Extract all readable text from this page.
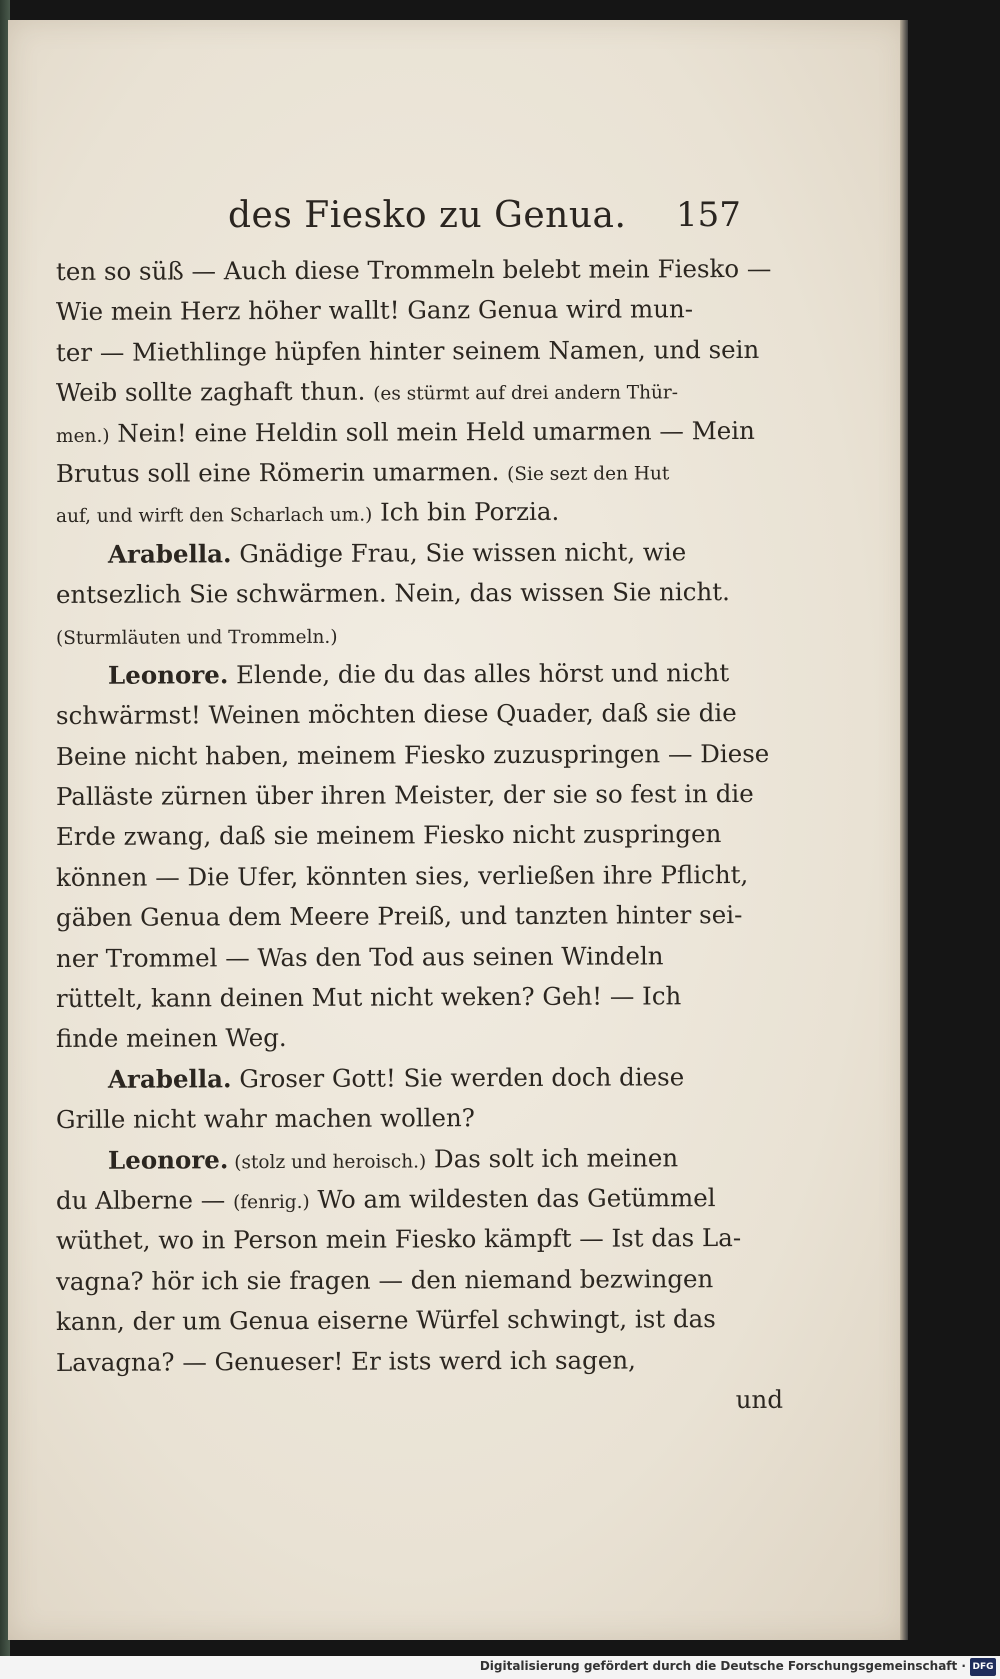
des Fiesko zu Genua. 157
ten so süß — Auch diese Trommeln belebt mein Fiesko —
Wie mein Herz höher wallt! Ganz Genua wird mun-
ter — Miethlinge hüpfen hinter seinem Namen, und sein
Weib sollte zaghaft thun. (es stürmt auf drei andern Thür-
men.) Nein! eine Heldin soll mein Held umarmen — Mein
Brutus soll eine Römerin umarmen. (Sie sezt den Hut
auf, und wirft den Scharlach um.) Ich bin Porzia.
Arabella. Gnädige Frau, Sie wissen nicht, wie
entsezlich Sie schwärmen. Nein, das wissen Sie nicht.
(Sturmläuten und Trommeln.)
Leonore. Elende, die du das alles hörst und nicht
schwärmst! Weinen möchten diese Quader, daß sie die
Beine nicht haben, meinem Fiesko zuzuspringen — Diese
Palläste zürnen über ihren Meister, der sie so fest in die
Erde zwang, daß sie meinem Fiesko nicht zuspringen
können — Die Ufer, könnten sies, verließen ihre Pflicht,
gäben Genua dem Meere Preiß, und tanzten hinter sei-
ner Trommel — Was den Tod aus seinen Windeln
rüttelt, kann deinen Mut nicht weken? Geh! — Ich
finde meinen Weg.
Arabella. Groser Gott! Sie werden doch diese
Grille nicht wahr machen wollen?
Leonore. (stolz und heroisch.) Das solt ich meinen
du Alberne — (fenrig.) Wo am wildesten das Getümmel
wüthet, wo in Person mein Fiesko kämpft — Ist das La-
vagna? hör ich sie fragen — den niemand bezwingen
kann, der um Genua eiserne Würfel schwingt, ist das
Lavagna? — Genueser! Er ists werd ich sagen,
und
Digitalisierung gefördert durch die Deutsche Forschungsgemeinschaft · DFG
